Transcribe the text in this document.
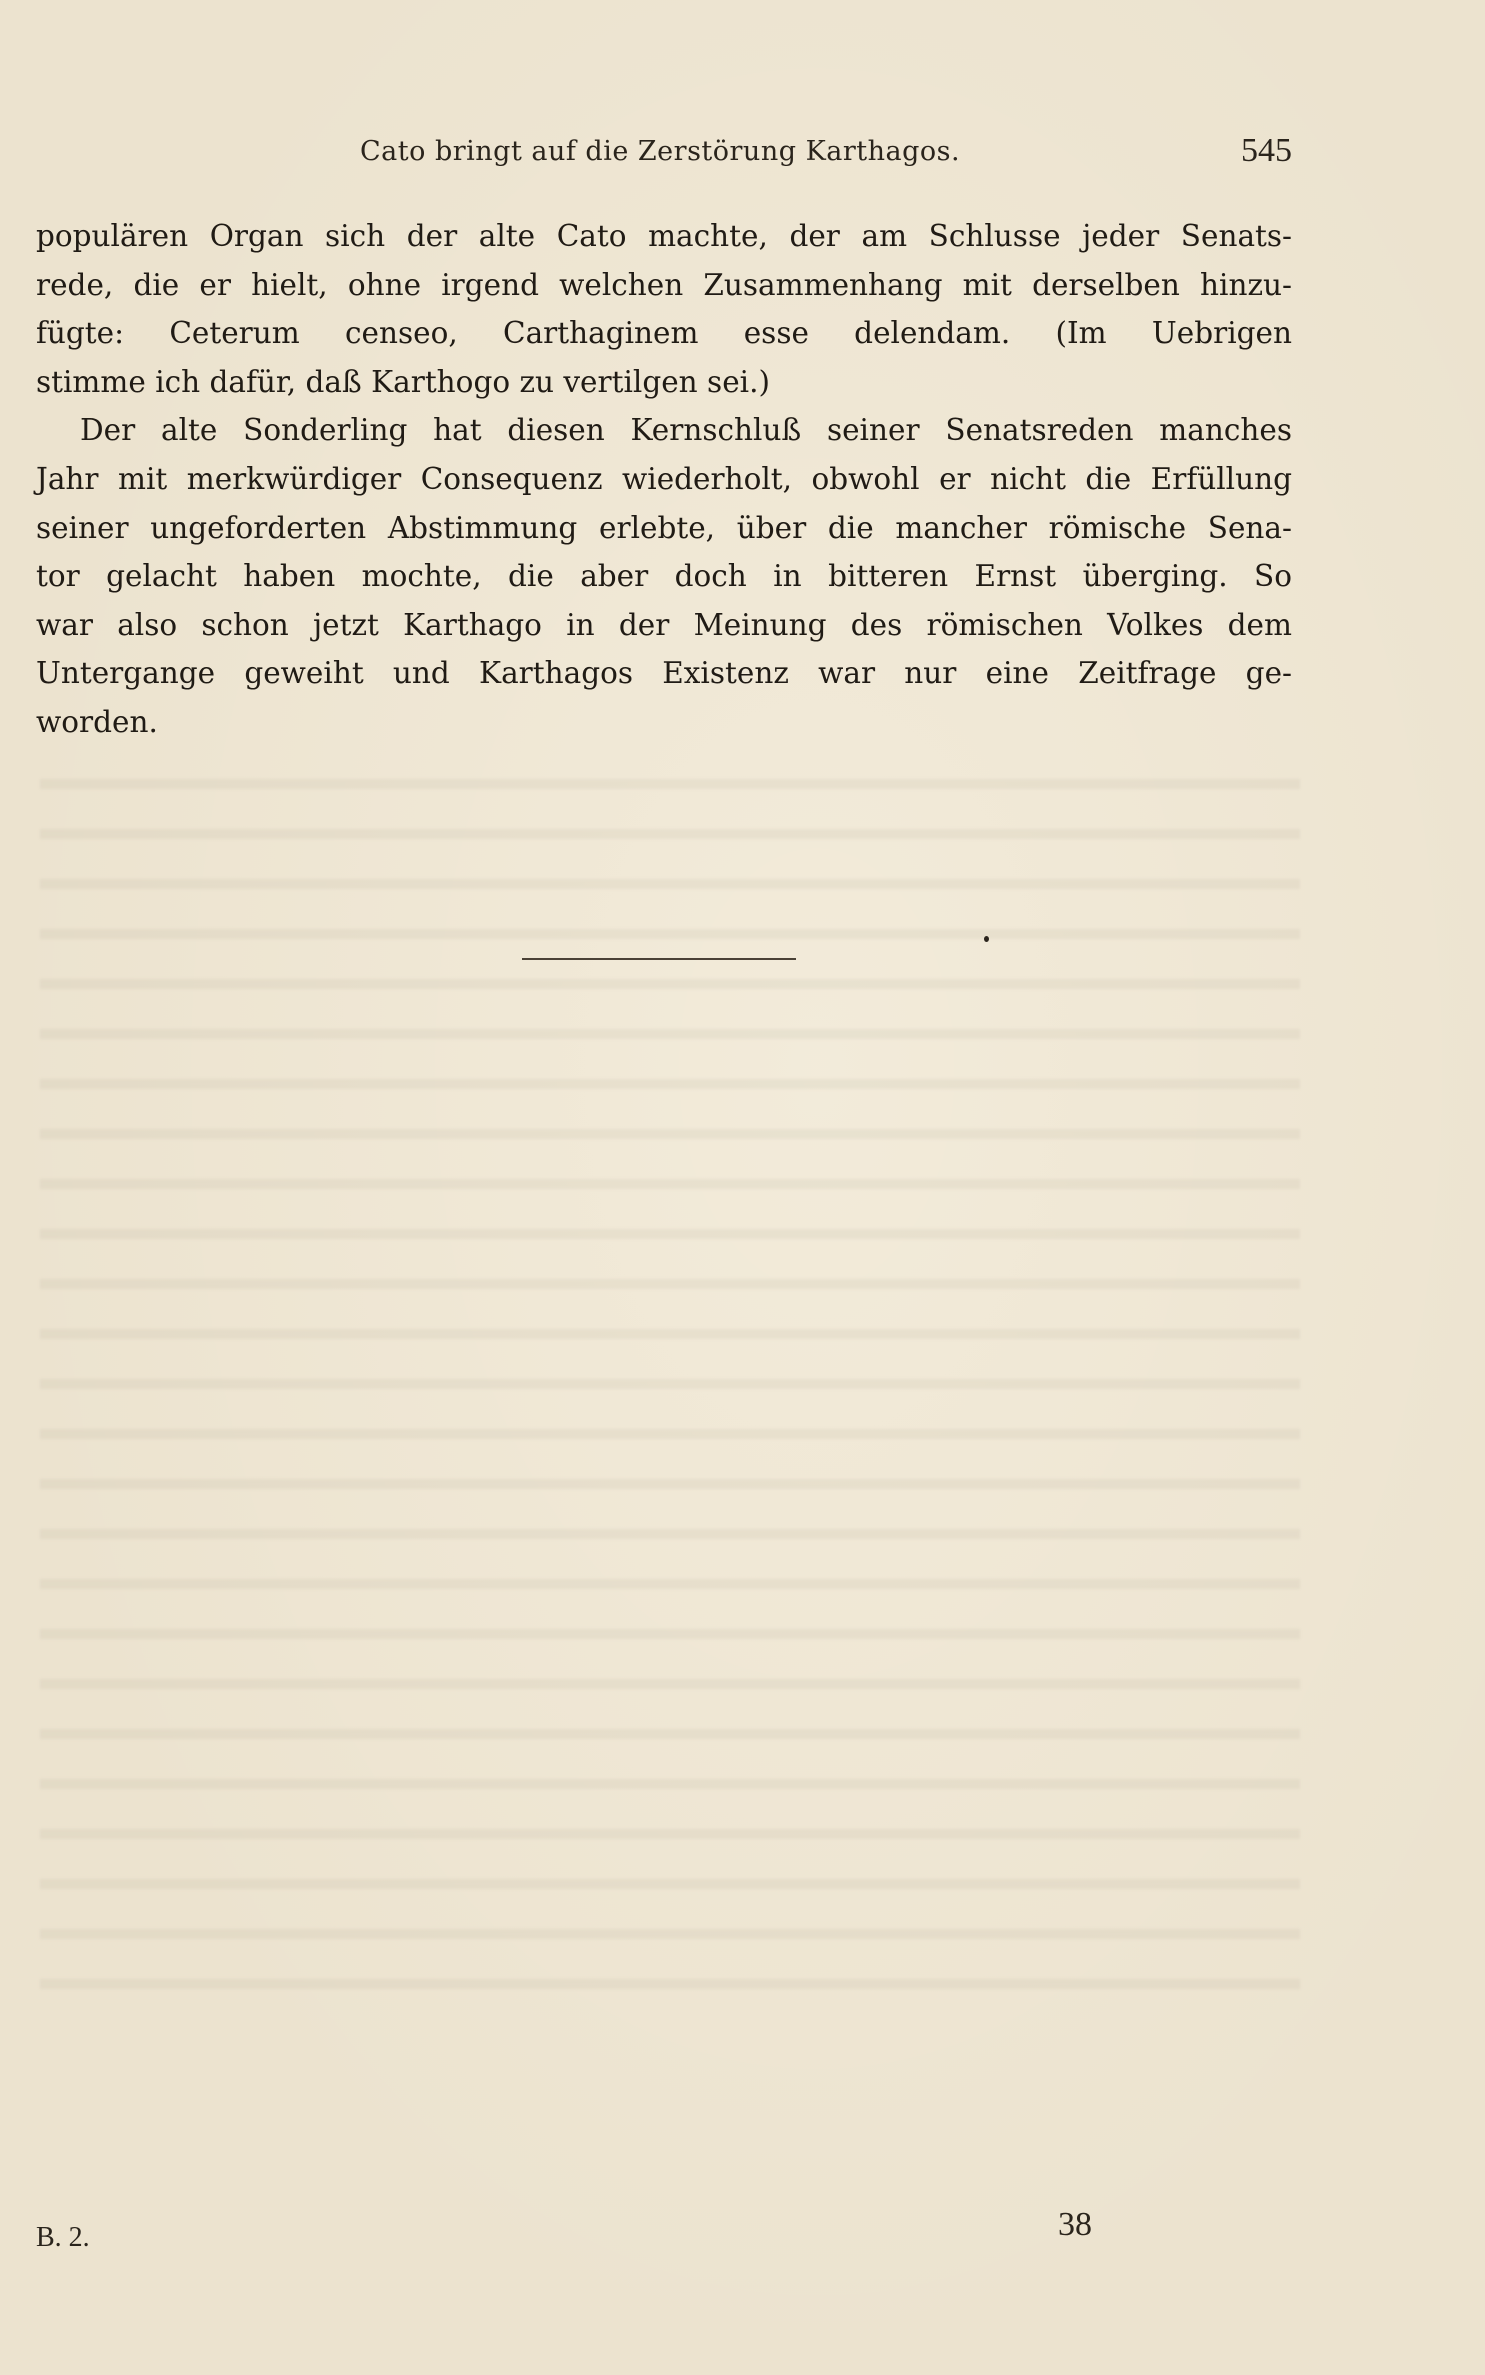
Cato bringt auf die Zerstörung Karthagos.	545
populären Organ sich der alte Cato machte, der am Schlusse jeder Senats-
rede, die er hielt, ohne irgend welchen Zusammenhang mit derselben hinzu-
fügte: Ceterum censeo, Carthaginem esse delendam. (Im Uebrigen
stimme ich dafür, daß Karthogo zu vertilgen sei.)
Der alte Sonderling hat diesen Kernschluß seiner Senatsreden manches
Jahr mit merkwürdiger Consequenz wiederholt, obwohl er nicht die Erfüllung
seiner ungeforderten Abstimmung erlebte, über die mancher römische Sena-
tor gelacht haben mochte, die aber doch in bitteren Ernst überging. So
war also schon jetzt Karthago in der Meinung des römischen Volkes dem
Untergange geweiht und Karthagos Existenz war nur eine Zeitfrage ge-
worden.
B. 2.	38
